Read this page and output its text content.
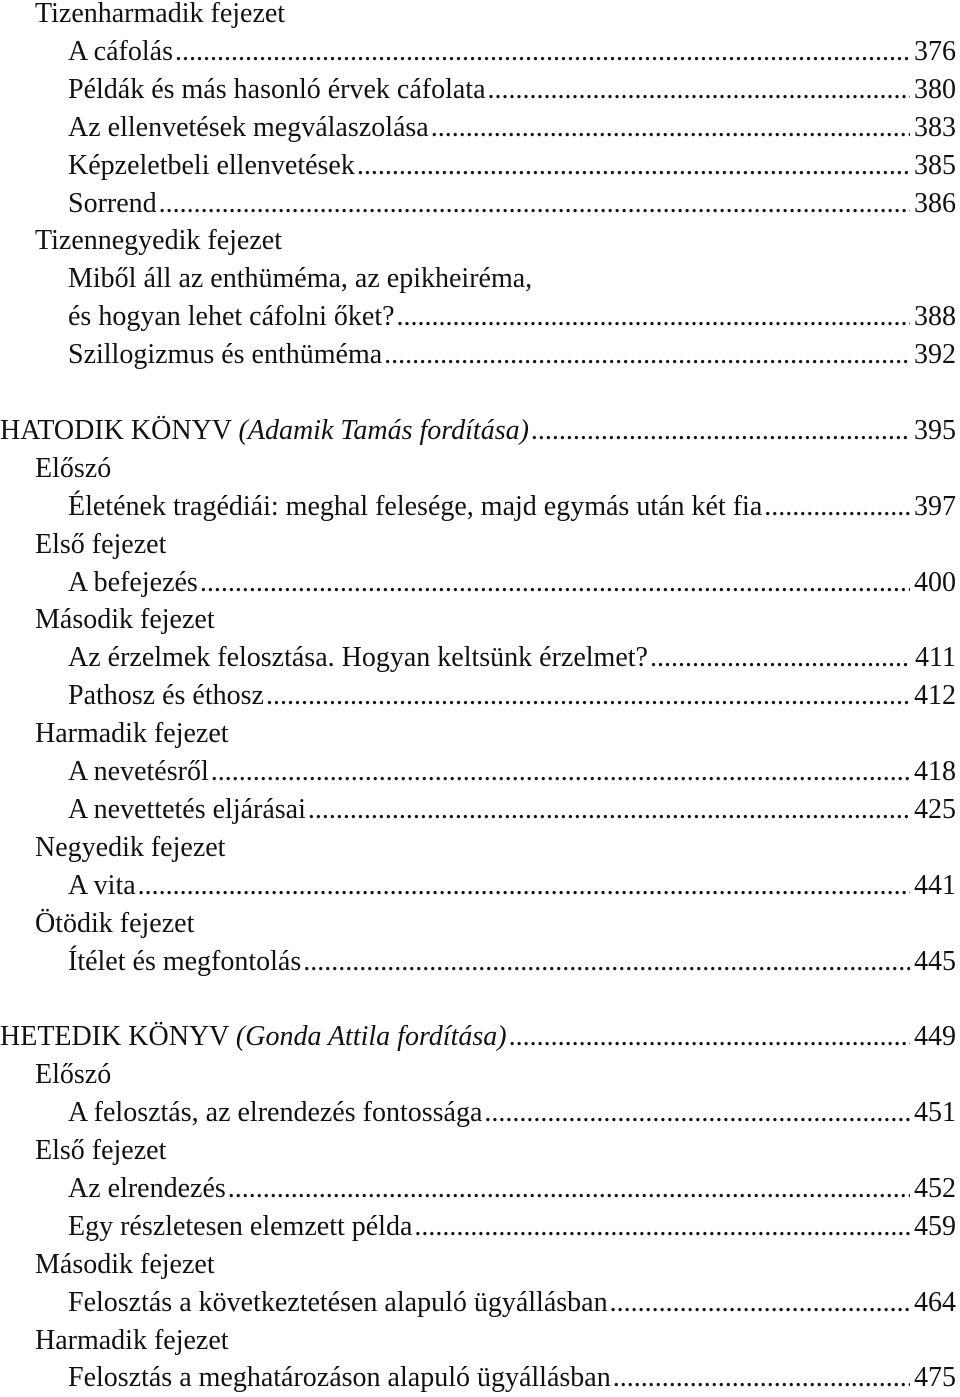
Tizenharmadik fejezet
A cáfolás .....	376
Példák és más hasonló érvek cáfolata .....	380
Az ellenvetések megválaszolása .....	383
Képzeletbeli ellenvetések .....	385
Sorrend .....	386
Tizennegyedik fejezet
Miből áll az enthüméma, az epikheiréma,
és hogyan lehet cáfolni őket? .....	388
Szillogizmus és enthüméma .....	392
HATODIK KÖNYV (Adamik Tamás fordítása) .....	395
Előszó
Életének tragédiái: meghal felesége, majd egymás után két fia .....	397
Első fejezet
A befejezés .....	400
Második fejezet
Az érzelmek felosztása. Hogyan keltsünk érzelmet? .....	411
Pathosz és éthosz .....	412
Harmadik fejezet
A nevetésről .....	418
A nevettetés eljárásai .....	425
Negyedik fejezet
A vita .....	441
Ötödik fejezet
Ítélet és megfontolás .....	445
HETEDIK KÖNYV (Gonda Attila fordítása) .....	449
Előszó
A felosztás, az elrendezés fontossága .....	451
Első fejezet
Az elrendezés .....	452
Egy részletesen elemzett példa .....	459
Második fejezet
Felosztás a következtetésen alapuló ügyállásban .....	464
Harmadik fejezet
Felosztás a meghatározáson alapuló ügyállásban .....	475
